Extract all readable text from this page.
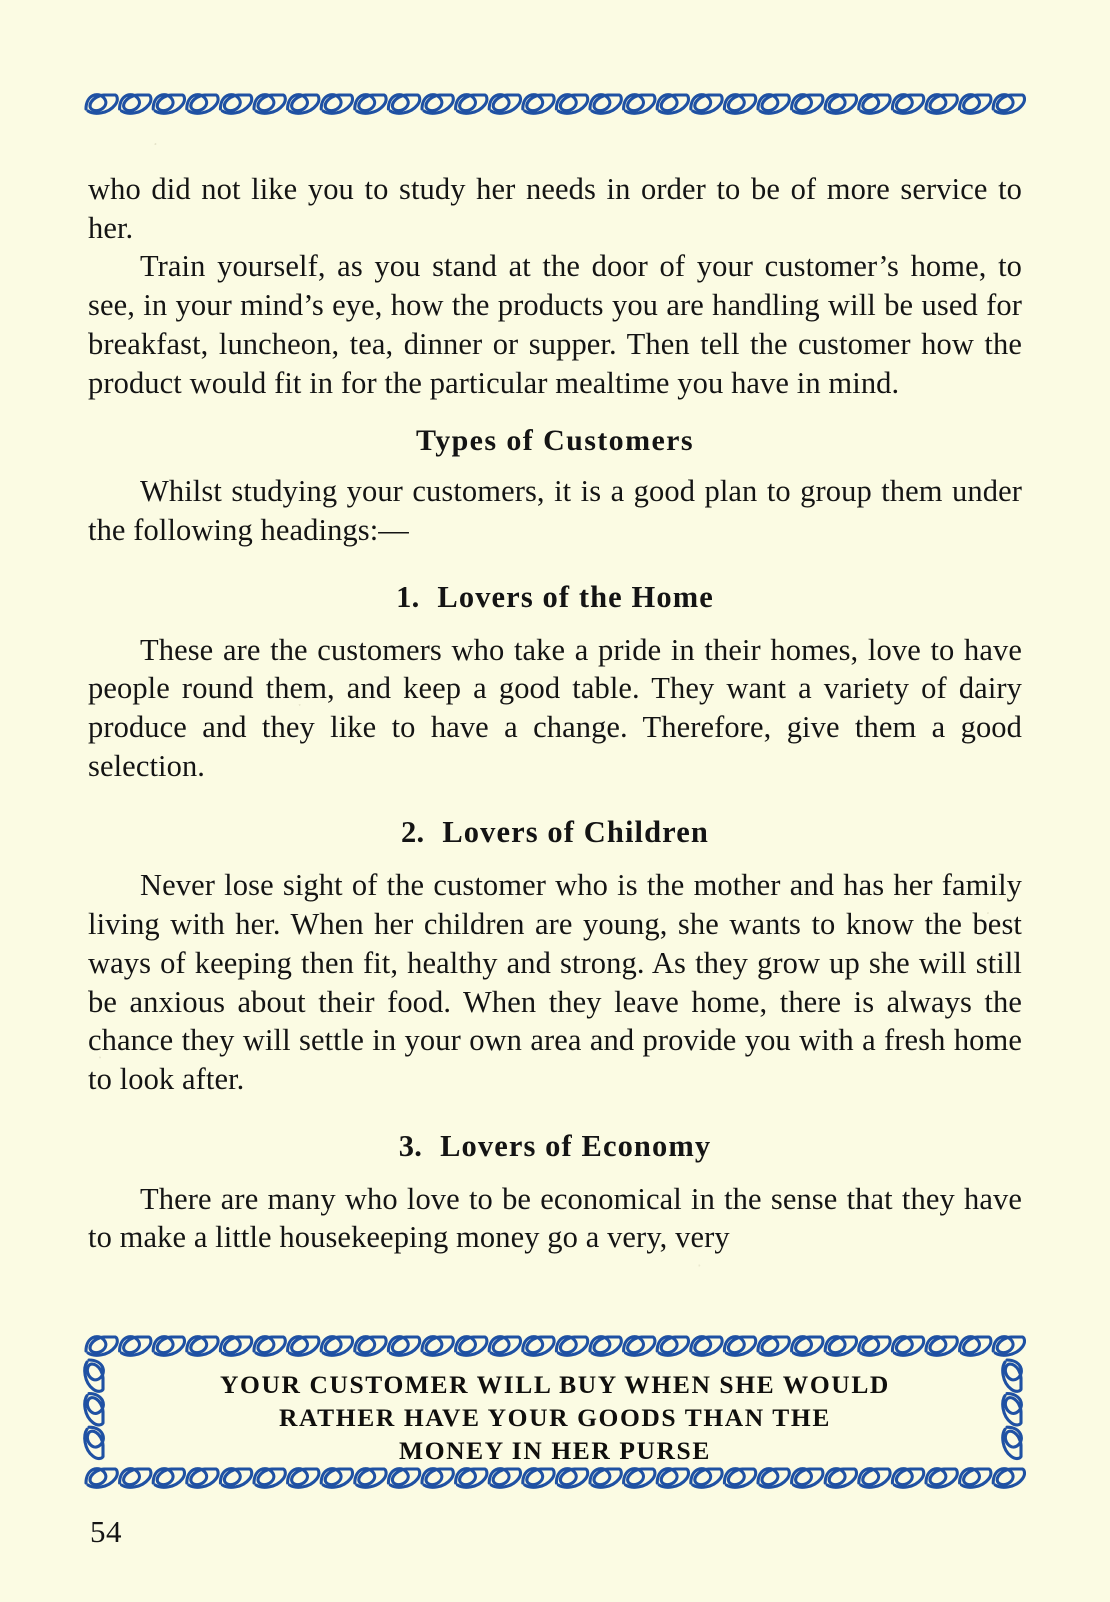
who did not like you to study her needs in order to be of more service to her.

Train yourself, as you stand at the door of your customer’s home, to see, in your mind’s eye, how the products you are handling will be used for breakfast, luncheon, tea, dinner or supper. Then tell the customer how the product would fit in for the particular mealtime you have in mind.

Types of Customers

Whilst studying your customers, it is a good plan to group them under the following headings:—

1. Lovers of the Home

These are the customers who take a pride in their homes, love to have people round them, and keep a good table. They want a variety of dairy produce and they like to have a change. Therefore, give them a good selection.

2. Lovers of Children

Never lose sight of the customer who is the mother and has her family living with her. When her children are young, she wants to know the best ways of keeping then fit, healthy and strong. As they grow up she will still be anxious about their food. When they leave home, there is always the chance they will settle in your own area and provide you with a fresh home to look after.

3. Lovers of Economy

There are many who love to be economical in the sense that they have to make a little housekeeping money go a very, very

YOUR CUSTOMER WILL BUY WHEN SHE WOULD
RATHER HAVE YOUR GOODS THAN THE
MONEY IN HER PURSE
54
